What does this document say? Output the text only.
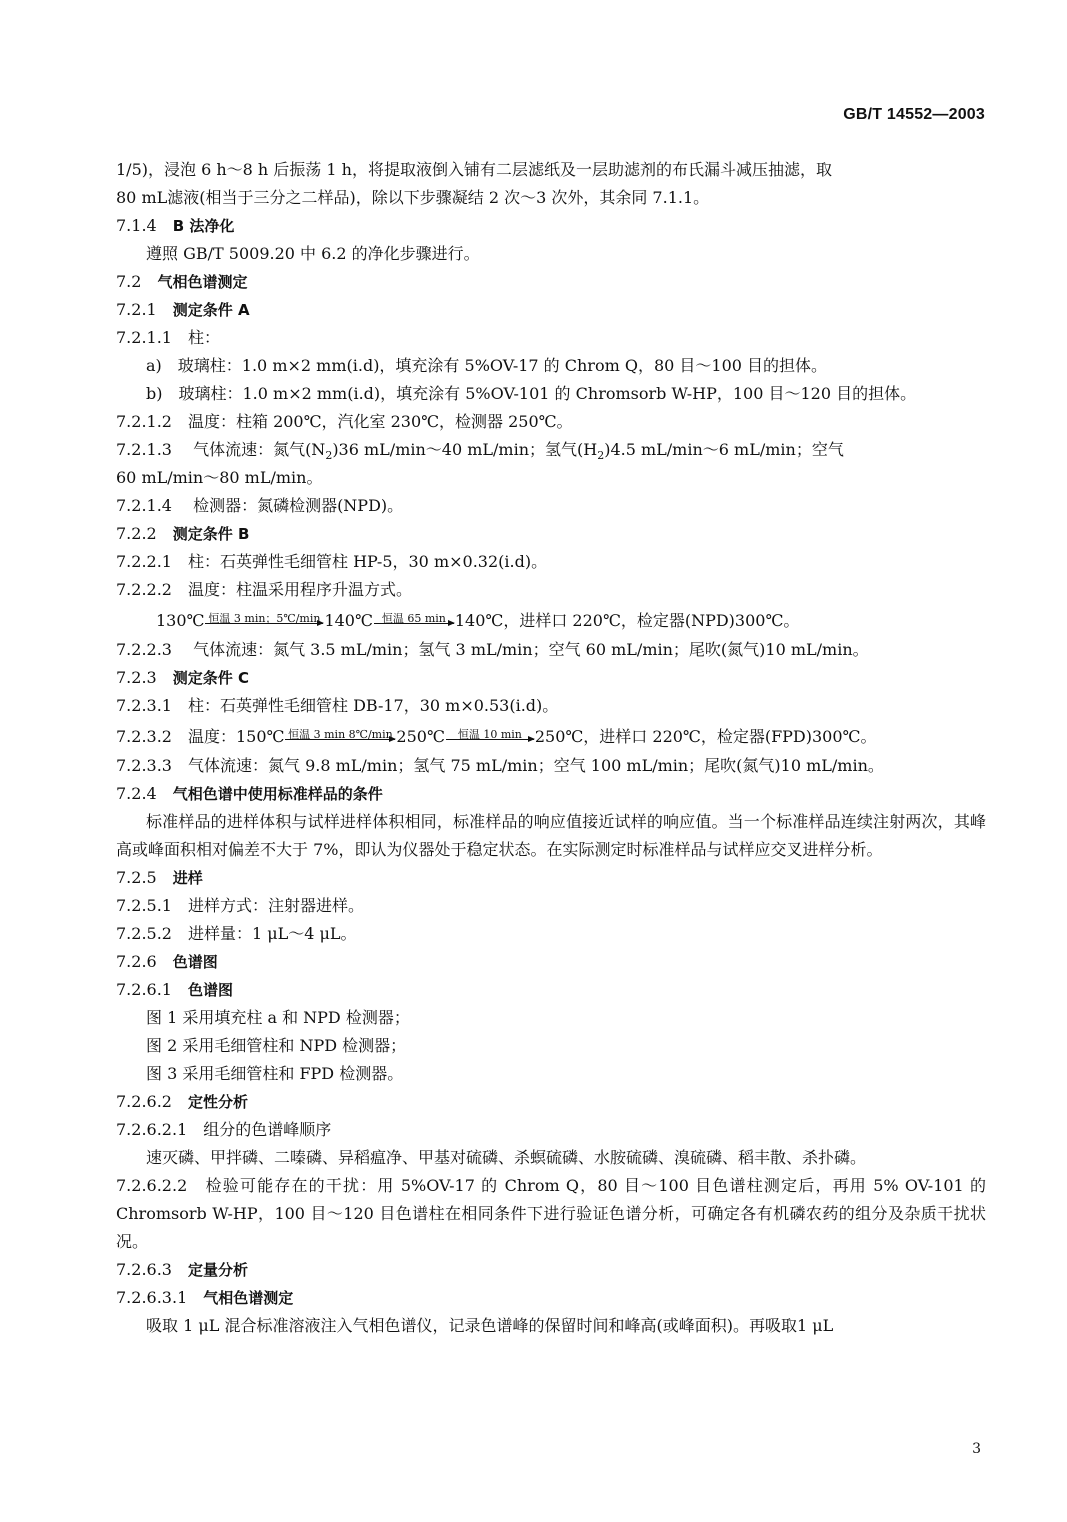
GB/T 14552—2003
1/5)，浸泡 6 h～8 h 后振荡 1 h，将提取液倒入铺有二层滤纸及一层助滤剂的布氏漏斗减压抽滤，取
80 mL滤液(相当于三分之二样品)，除以下步骤凝结 2 次～3 次外，其余同 7.1.1。
7.1.4 B 法净化
遵照 GB/T 5009.20 中 6.2 的净化步骤进行。
7.2 气相色谱测定
7.2.1 测定条件 A
7.2.1.1　柱：
a)　玻璃柱：1.0 m×2 mm(i.d)，填充涂有 5%OV-17 的 Chrom Q，80 目～100 目的担体。
b)　玻璃柱：1.0 m×2 mm(i.d)，填充涂有 5%OV-101 的 Chromsorb W-HP，100 目～120 目的担体。
7.2.1.2　温度：柱箱 200℃，汽化室 230℃，检测器 250℃。
7.2.1.3　 气体流速：氮气$(N_2)36$ mL/min～40 mL/min；氢气$(H_2)4.5$ mL/min～6 mL/min；空气
60 mL/min～80 mL/min。
7.2.1.4　 检测器：氮磷检测器(NPD)。
7.2.2 测定条件 B
7.2.2.1　柱：石英弹性毛细管柱 HP-5，30 m×0.32(i.d)。
7.2.2.2　温度：柱温采用程序升温方式。
130℃ 恒温 3 min；5℃/min 140℃ 恒温 65 min 140℃，进样口 220℃，检定器(NPD)300℃。
7.2.2.3　 气体流速：氮气 3.5 mL/min；氢气 3 mL/min；空气 60 mL/min；尾吹(氮气)10 mL/min。
7.2.3 测定条件 C
7.2.3.1　柱：石英弹性毛细管柱 DB-17，30 m×0.53(i.d)。
7.2.3.2　温度：150℃ 恒温 3 min 8℃/min 250℃	恒温 10 min 250℃，进样口 220℃，检定器(FPD)300℃。
7.2.3.3　气体流速：氮气 9.8 mL/min；氢气 75 mL/min；空气 100 mL/min；尾吹(氮气)10 mL/min。
7.2.4 气相色谱中使用标准样品的条件
标准样品的进样体积与试样进样体积相同，标准样品的响应值接近试样的响应值。当一个标准样品连续注射两次，其峰高或峰面积相对偏差不大于 7%，即认为仪器处于稳定状态。在实际测定时标准样品与试样应交叉进样分析。
7.2.5 进样
7.2.5.1　进样方式：注射器进样。
7.2.5.2　进样量：1 μL～4 μL。
7.2.6 色谱图
7.2.6.1 色谱图
图 1 采用填充柱 a 和 NPD 检测器；
图 2 采用毛细管柱和 NPD 检测器；
图 3 采用毛细管柱和 FPD 检测器。
7.2.6.2 定性分析
7.2.6.2.1　组分的色谱峰顺序
速灭磷、甲拌磷、二嗪磷、异稻瘟净、甲基对硫磷、杀螟硫磷、水胺硫磷、溴硫磷、稻丰散、杀扑磷。
7.2.6.2.2　检验可能存在的干扰：用 5%OV-17 的 Chrom Q，80 目～100 目色谱柱测定后，再用 5% OV-101 的 Chromsorb W-HP，100 目～120 目色谱柱在相同条件下进行验证色谱分析，可确定各有机磷农药的组分及杂质干扰状况。
7.2.6.3 定量分析
7.2.6.3.1 气相色谱测定
吸取 1 μL 混合标准溶液注入气相色谱仪，记录色谱峰的保留时间和峰高(或峰面积)。再吸取1 μL
3
